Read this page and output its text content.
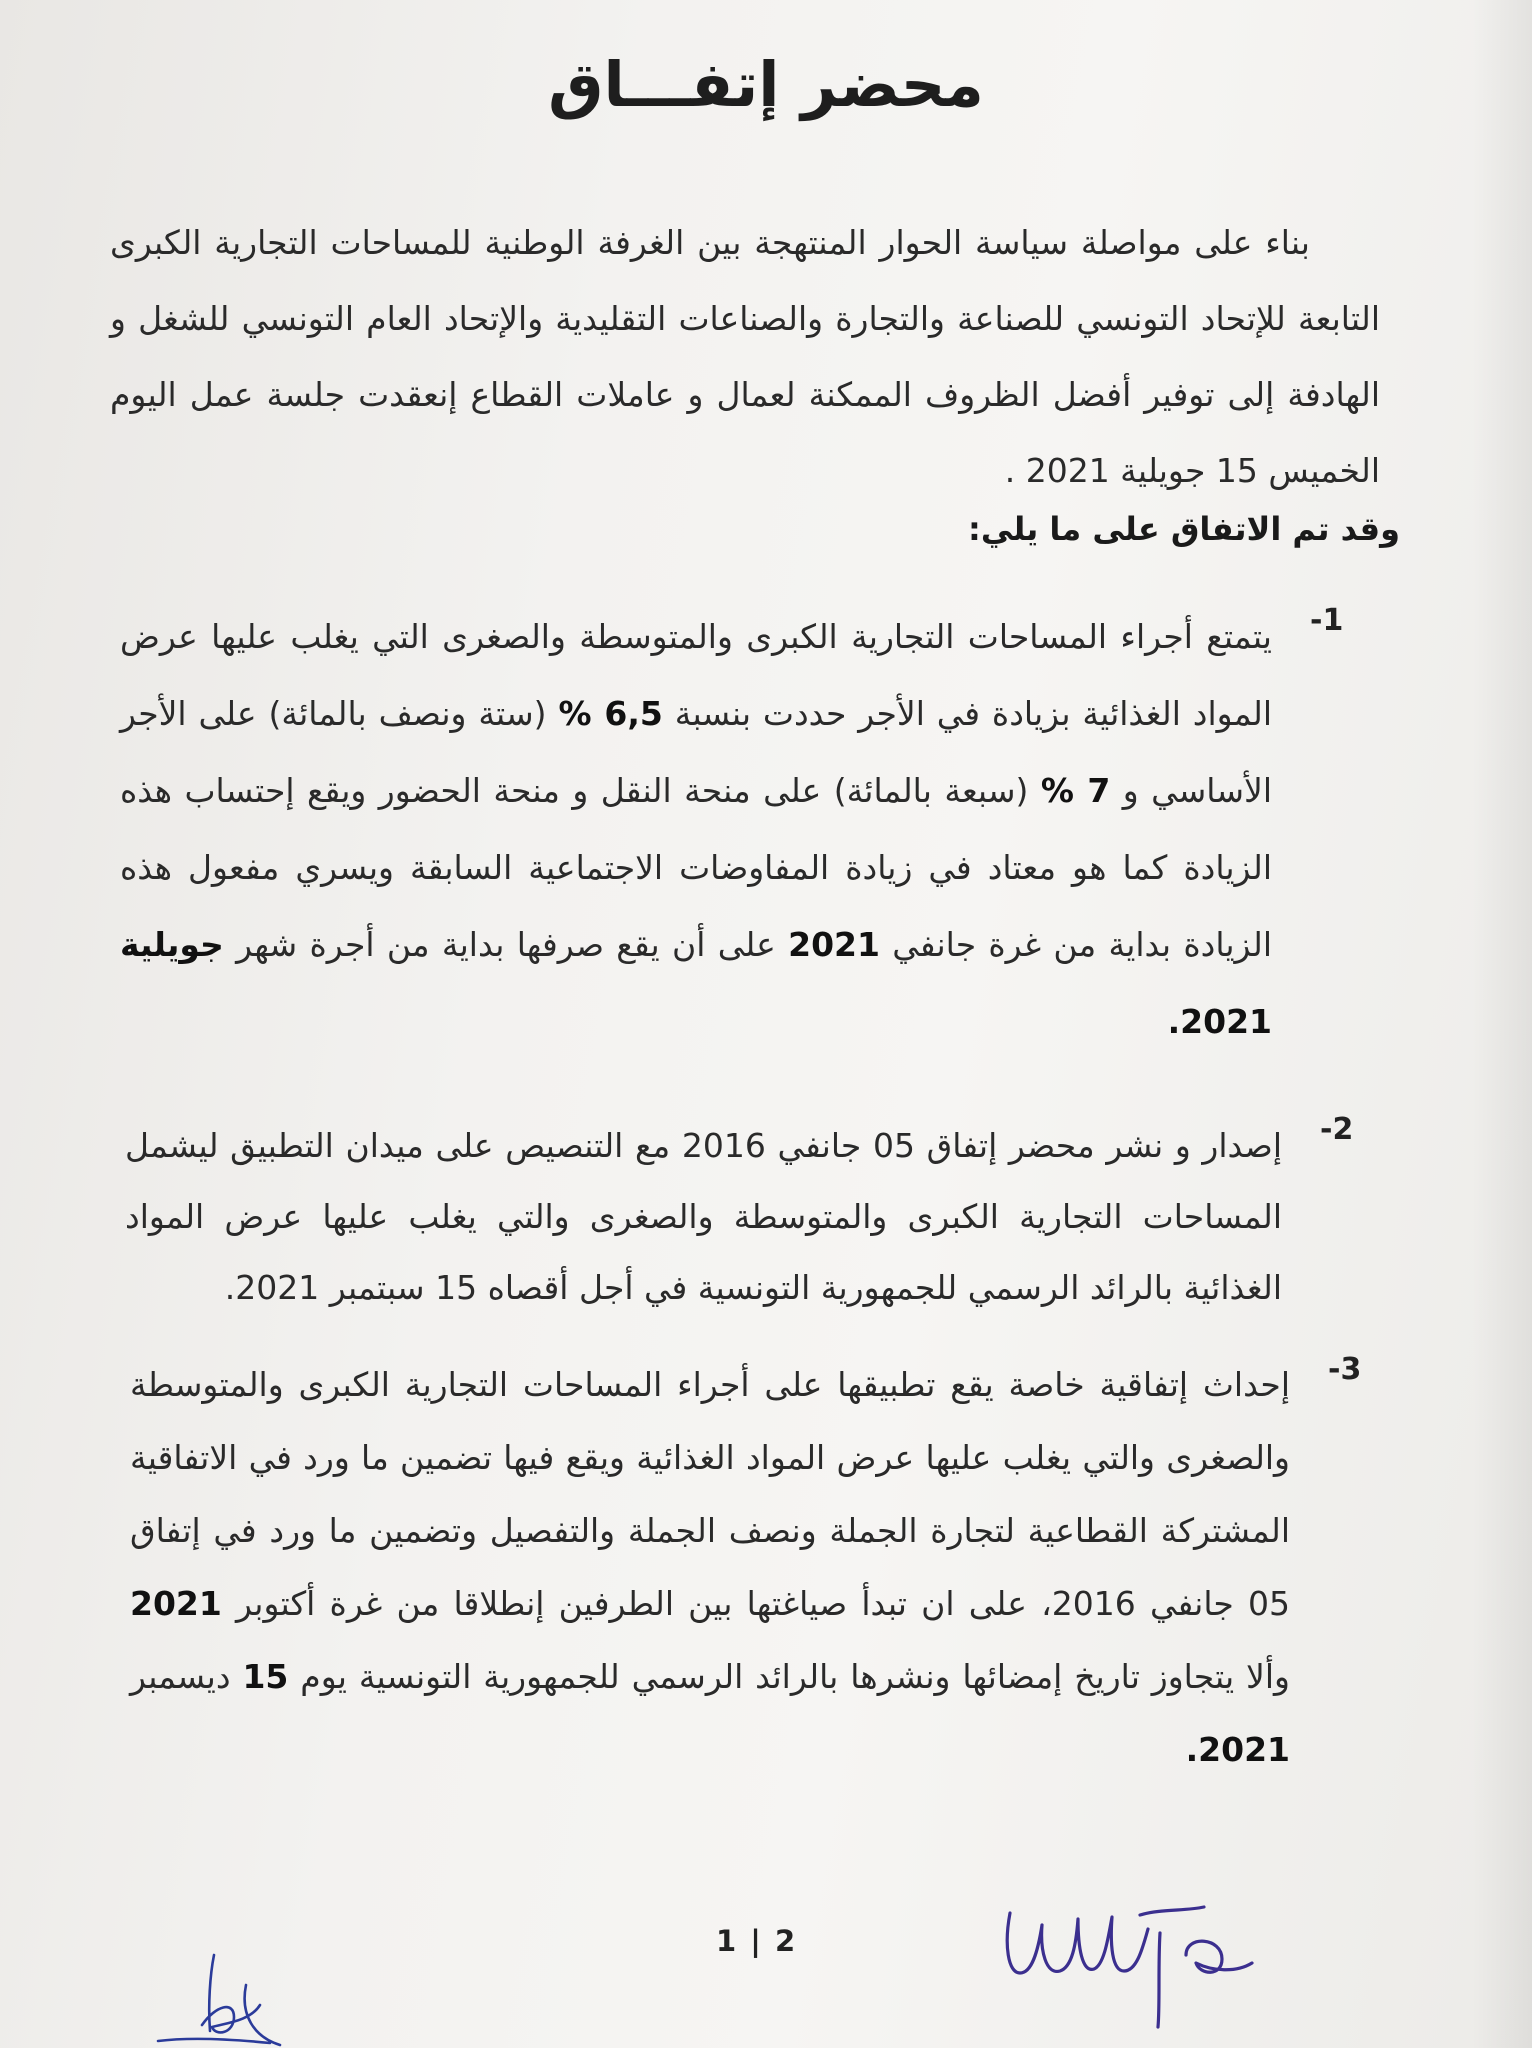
محضر إتفـــاق
بناء على مواصلة سياسة الحوار المنتهجة بين الغرفة الوطنية للمساحات التجارية الكبرى التابعة للإتحاد التونسي للصناعة والتجارة والصناعات التقليدية والإتحاد العام التونسي للشغل و الهادفة إلى توفير أفضل الظروف الممكنة لعمال و عاملات القطاع إنعقدت جلسة عمل اليوم الخميس 15 جويلية 2021 .
وقد تم الاتفاق على ما يلي:
-1
يتمتع أجراء المساحات التجارية الكبرى والمتوسطة والصغرى التي يغلب عليها عرض المواد الغذائية بزيادة في الأجر حددت بنسبة 6,5 % (ستة ونصف بالمائة) على الأجر الأساسي و 7 % (سبعة بالمائة) على منحة النقل و منحة الحضور ويقع إحتساب هذه الزيادة كما هو معتاد في زيادة المفاوضات الاجتماعية السابقة ويسري مفعول هذه الزيادة بداية من غرة جانفي 2021 على أن يقع صرفها بداية من أجرة شهر جويلية 2021.
-2
إصدار و نشر محضر إتفاق 05 جانفي 2016 مع التنصيص على ميدان التطبيق ليشمل المساحات التجارية الكبرى والمتوسطة والصغرى والتي يغلب عليها عرض المواد الغذائية بالرائد الرسمي للجمهورية التونسية في أجل أقصاه 15 سبتمبر 2021.
-3
إحداث إتفاقية خاصة يقع تطبيقها على أجراء المساحات التجارية الكبرى والمتوسطة والصغرى والتي يغلب عليها عرض المواد الغذائية ويقع فيها تضمين ما ورد في الاتفاقية المشتركة القطاعية لتجارة الجملة ونصف الجملة والتفصيل وتضمين ما ورد في إتفاق 05 جانفي 2016، على ان تبدأ صياغتها بين الطرفين إنطلاقا من غرة أكتوبر 2021 وألا يتجاوز تاريخ إمضائها ونشرها بالرائد الرسمي للجمهورية التونسية يوم 15 ديسمبر 2021.
1 | 2
